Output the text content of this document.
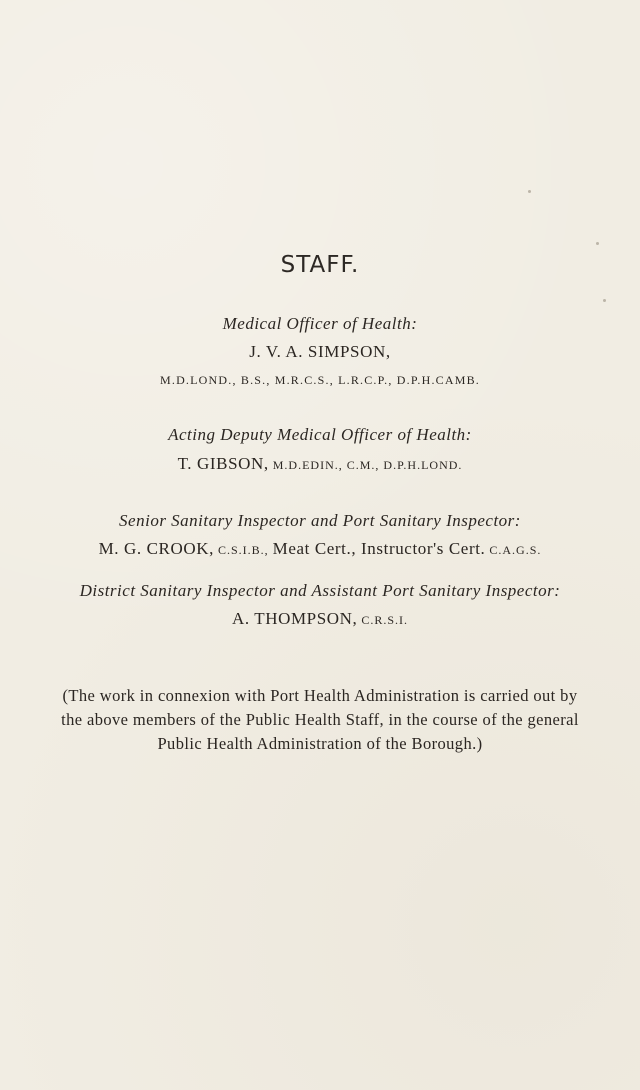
STAFF.
Medical Officer of Health:
J. V. A. SIMPSON,
M.D.LOND., B.S., M.R.C.S., L.R.C.P., D.P.H.CAMB.
Acting Deputy Medical Officer of Health:
T. GIBSON, M.D.EDIN., C.M., D.P.H.LOND.
Senior Sanitary Inspector and Port Sanitary Inspector:
M. G. CROOK, C.S.I.B., Meat Cert., Instructor's Cert. C.A.G.S.
District Sanitary Inspector and Assistant Port Sanitary Inspector:
A. THOMPSON, C.R.S.I.
(The work in connexion with Port Health Administration is carried out by
the above members of the Public Health Staff, in the course of the general
Public Health Administration of the Borough.)
